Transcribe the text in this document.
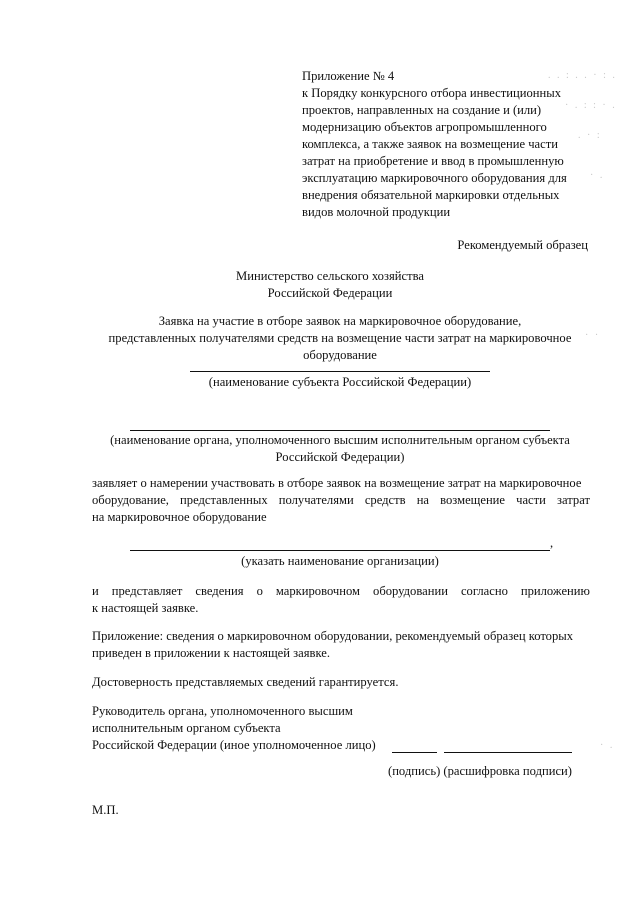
. . : . . · : .
· . : : · .
. · :
· .
· ·
· .
Приложение № 4
к Порядку конкурсного отбора инвестиционных
проектов, направленных на создание и (или)
модернизацию объектов агропромышленного
комплекса, а также заявок на возмещение части
затрат на приобретение и ввод в промышленную
эксплуатацию маркировочного оборудования для
внедрения обязательной маркировки отдельных
видов молочной продукции
Рекомендуемый образец
Министерство сельского хозяйства
Российской Федерации
Заявка на участие в отборе заявок на маркировочное оборудование,
представленных получателями средств на возмещение части затрат на маркировочное
оборудование
(наименование субъекта Российской Федерации)
(наименование органа, уполномоченного высшим исполнительным органом субъекта
Российской Федерации)
заявляет о намерении участвовать в отборе заявок на возмещение затрат на маркировочное
оборудование, представленных получателями средств на возмещение части затрат
на маркировочное оборудование
,
(указать наименование организации)
и представляет сведения о маркировочном оборудовании согласно приложению
к настоящей заявке.
Приложение: сведения о маркировочном оборудовании, рекомендуемый образец которых
приведен в приложении к настоящей заявке.
Достоверность представляемых сведений гарантируется.
Руководитель органа, уполномоченного высшим
исполнительным органом субъекта
Российской Федерации (иное уполномоченное лицо)
(подпись) (расшифровка подписи)
М.П.
